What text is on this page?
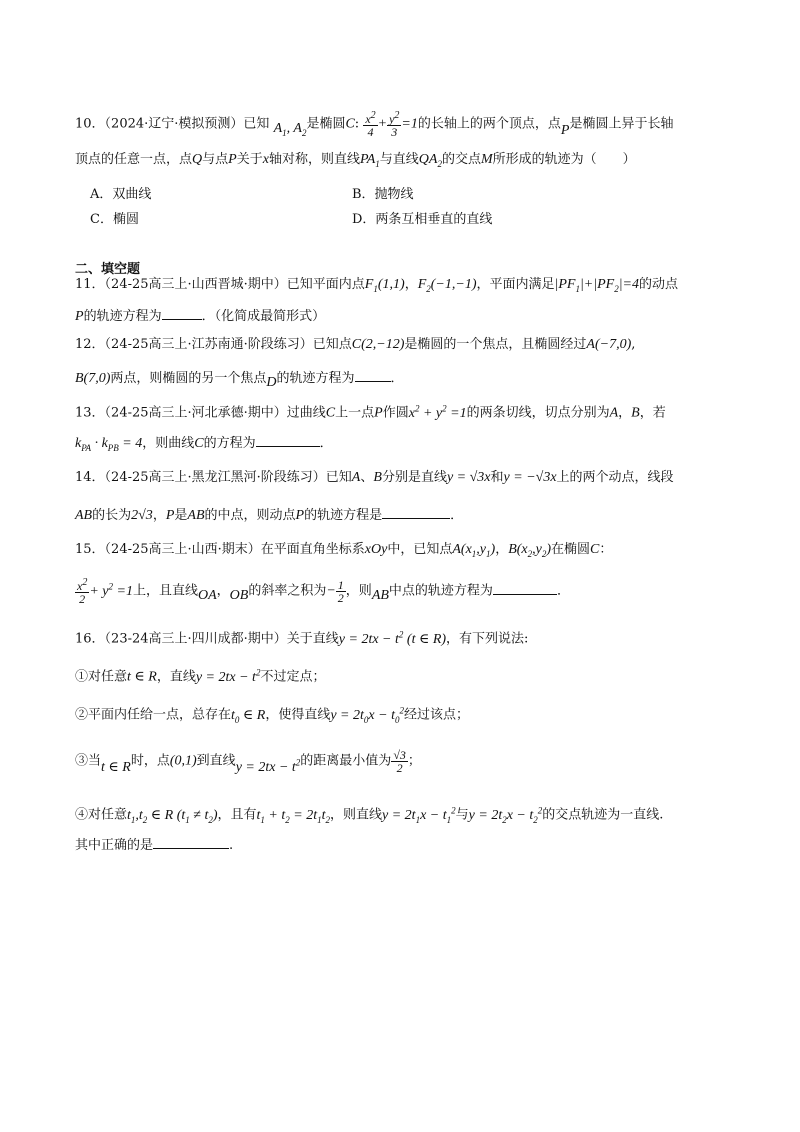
10．（2024·辽宁·模拟预测）已知 $A_1$, $A_2$是椭圆C: $\frac{x^2}{4} + \frac{y^2}{3} =1$的长轴上的两个顶点，点P是椭圆上异于长轴
顶点的任意一点，点Q与点P关于x轴对称，则直线$PA_1$与直线$QA_2$的交点M所形成的轨迹为（　　）
A．双曲线	B．抛物线
C．椭圆	D．两条互相垂直的直线
二、填空题
11．（24-25高三上·山西晋城·期中）已知平面内点$F_1(1,1)$，$F_2(-1,-1)$，平面内满足$|PF_1|+|PF_2|=4$的动点
P的轨迹方程为	．（化简成最简形式）
12．（24-25高三上·江苏南通·阶段练习）已知点C(2,−12)是椭圆的一个焦点，且椭圆经过A(−7,0),
B(7,0)两点，则椭圆的另一个焦点D的轨迹方程为	．
13．（24-25高三上·河北承德·期中）过曲线C上一点P作圆$x^2 + y^2 =1$的两条切线，切点分别为A，B，若
$k_{PA} \cdot k_{PB} = 4$，则曲线C的方程为	．
14．（24-25高三上·黑龙江黑河·阶段练习）已知A、B分别是直线y = √3x和y = −√3x上的两个动点，线段
AB的长为2√3，P是AB的中点，则动点P的轨迹方程是	．
15．（24-25高三上·山西·期末）在平面直角坐标系xOy中，已知点$A(x_1,y_1)$，$B(x_2,y_2)$在椭圆C：
$\frac{x^2}{2} + y^2 =1$上，且直线OA，OB的斜率之积为− $\frac{1}{2}$ ，则AB中点的轨迹方程为	．
16．（23-24高三上·四川成都·期中）关于直线$y = 2tx - t^2$ (t ∈ R)，有下列说法:
①对任意t ∈ R，直线$y = 2tx - t^2$不过定点；
②平面内任给一点，总存在$t_0$ ∈ R，使得直线$y = 2t_0x - t_0^2$经过该点；
③当t ∈ R时，点(0,1)到直线$y = 2tx - t^2$的距离最小值为 $\frac{√3}{2}$ ；
④对任意$t_1,t_2$ ∈ R $(t_1 \ne t_2)$，且有$t_1 + t_2 = 2t_1t_2$，则直线$y = 2t_1x - t_1^2$与$y = 2t_2x - t_2^2$的交点轨迹为一直线.
其中正确的是	.
